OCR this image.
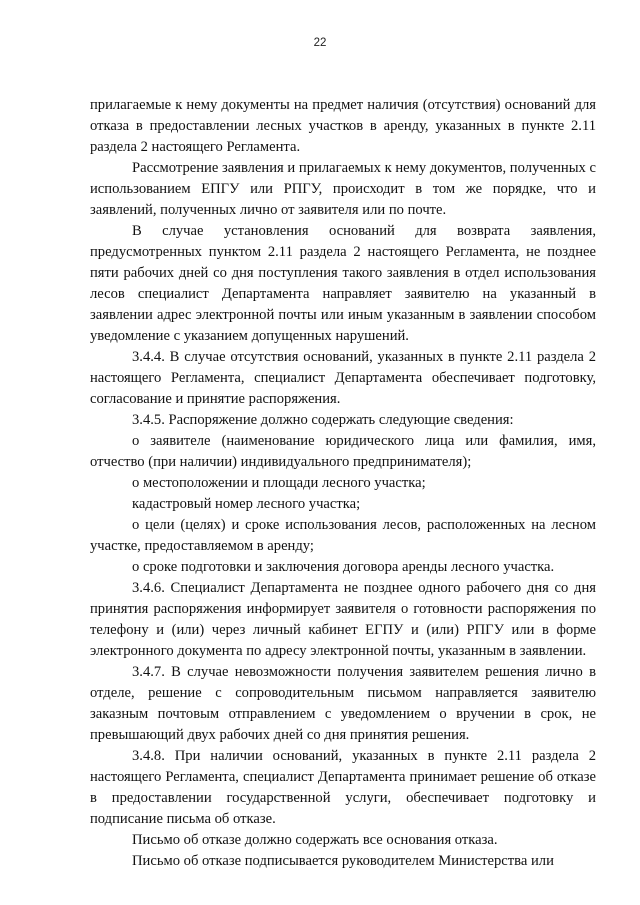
22

прилагаемые к нему документы на предмет наличия (отсутствия) оснований для отказа в предоставлении лесных участков в аренду, указанных в пункте 2.11 раздела 2 настоящего Регламента.

Рассмотрение заявления и прилагаемых к нему документов, полученных с использованием ЕПГУ или РПГУ, происходит в том же порядке, что и заявлений, полученных лично от заявителя или по почте.

В случае установления оснований для возврата заявления, предусмотренных пунктом 2.11 раздела 2 настоящего Регламента, не позднее пяти рабочих дней со дня поступления такого заявления в отдел использования лесов специалист Департамента направляет заявителю на указанный в заявлении адрес электронной почты или иным указанным в заявлении способом уведомление с указанием допущенных нарушений.

3.4.4. В случае отсутствия оснований, указанных в пункте 2.11 раздела 2 настоящего Регламента, специалист Департамента обеспечивает подготовку, согласование и принятие распоряжения.

3.4.5. Распоряжение должно содержать следующие сведения:

о заявителе (наименование юридического лица или фамилия, имя, отчество (при наличии) индивидуального предпринимателя);

о местоположении и площади лесного участка;

кадастровый номер лесного участка;

о цели (целях) и сроке использования лесов, расположенных на лесном участке, предоставляемом в аренду;

о сроке подготовки и заключения договора аренды лесного участка.

3.4.6. Специалист Департамента не позднее одного рабочего дня со дня принятия распоряжения информирует заявителя о готовности распоряжения по телефону и (или) через личный кабинет ЕГПУ и (или) РПГУ или в форме электронного документа по адресу электронной почты, указанным в заявлении.

3.4.7. В случае невозможности получения заявителем решения лично в отделе, решение с сопроводительным письмом направляется заявителю заказным почтовым отправлением с уведомлением о вручении в срок, не превышающий двух рабочих дней со дня принятия решения.

3.4.8. При наличии оснований, указанных в пункте 2.11 раздела 2 настоящего Регламента, специалист Департамента принимает решение об отказе в предоставлении государственной услуги, обеспечивает подготовку и подписание письма об отказе.

Письмо об отказе должно содержать все основания отказа.

Письмо об отказе подписывается руководителем Министерства или
